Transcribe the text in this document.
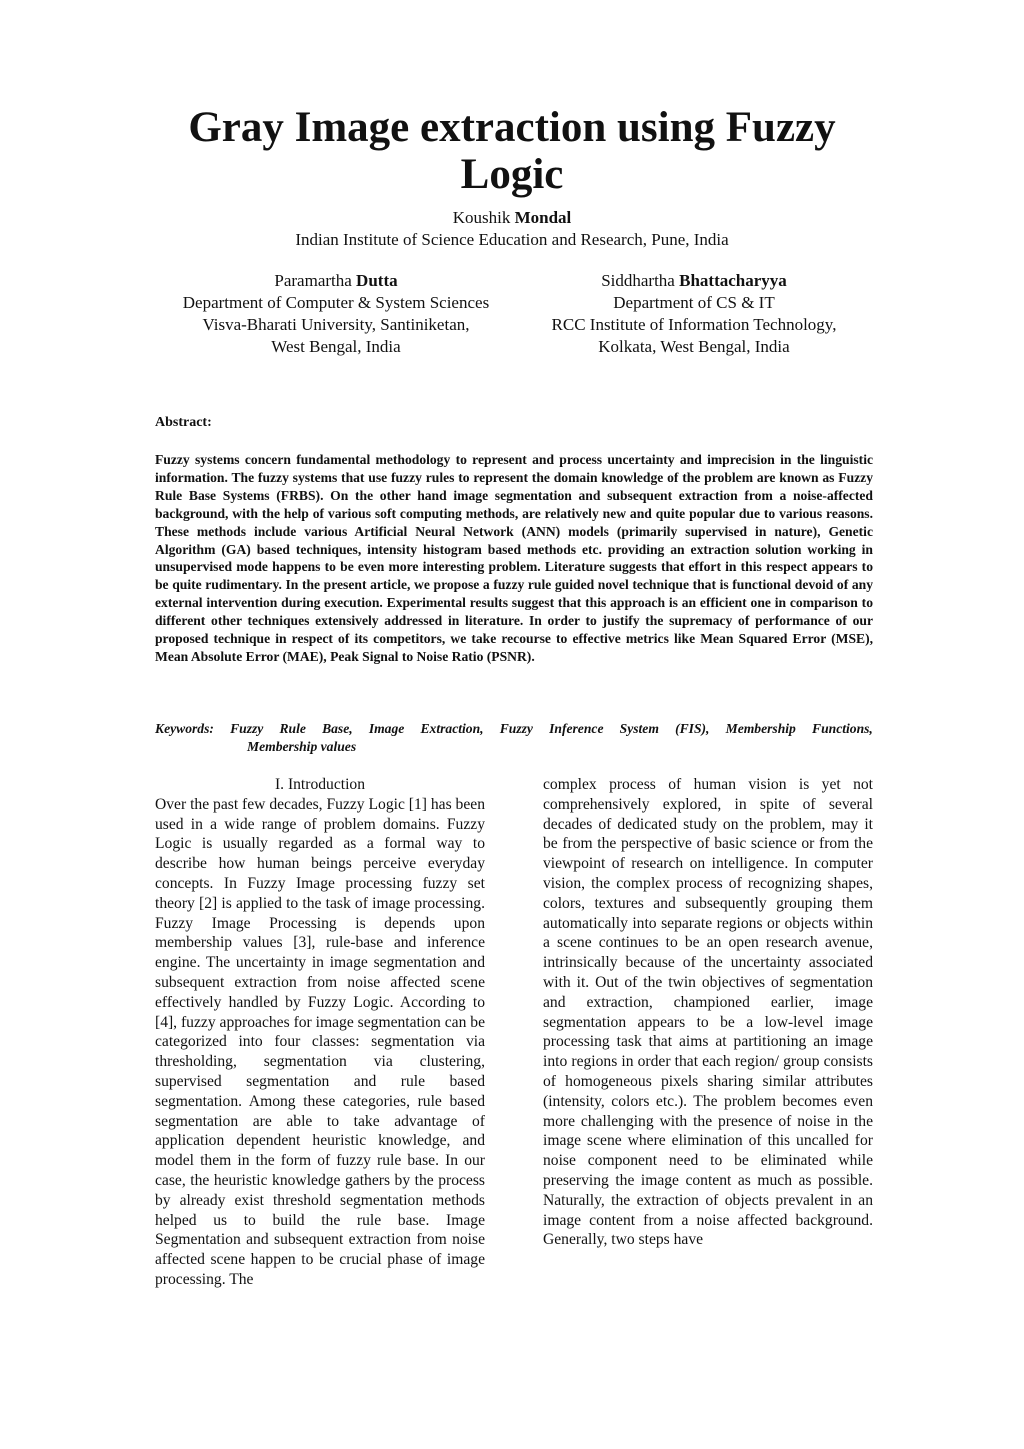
Gray Image extraction using Fuzzy
Logic
Koushik Mondal
Indian Institute of Science Education and Research, Pune, India
Paramartha Dutta
Department of Computer & System Sciences
Visva-Bharati University, Santiniketan,
West Bengal, India
Siddhartha Bhattacharyya
Department of CS & IT
RCC Institute of Information Technology,
Kolkata, West Bengal, India
Abstract:
Fuzzy systems concern fundamental methodology to represent and process uncertainty and imprecision in the linguistic information. The fuzzy systems that use fuzzy rules to represent the domain knowledge of the problem are known as Fuzzy Rule Base Systems (FRBS). On the other hand image segmentation and subsequent extraction from a noise-affected background, with the help of various soft computing methods, are relatively new and quite popular due to various reasons. These methods include various Artificial Neural Network (ANN) models (primarily supervised in nature), Genetic Algorithm (GA) based techniques, intensity histogram based methods etc. providing an extraction solution working in unsupervised mode happens to be even more interesting problem. Literature suggests that effort in this respect appears to be quite rudimentary. In the present article, we propose a fuzzy rule guided novel technique that is functional devoid of any external intervention during execution. Experimental results suggest that this approach is an efficient one in comparison to different other techniques extensively addressed in literature. In order to justify the supremacy of performance of our proposed technique in respect of its competitors, we take recourse to effective metrics like Mean Squared Error (MSE), Mean Absolute Error (MAE), Peak Signal to Noise Ratio (PSNR).
Keywords: Fuzzy Rule Base, Image Extraction, Fuzzy Inference System (FIS), Membership Functions,
Membership values
I. Introduction
Over the past few decades, Fuzzy Logic [1] has been used in a wide range of problem domains. Fuzzy Logic is usually regarded as a formal way to describe how human beings perceive everyday concepts. In Fuzzy Image processing fuzzy set theory [2] is applied to the task of image processing. Fuzzy Image Processing is depends upon membership values [3], rule-base and inference engine. The uncertainty in image segmentation and subsequent extraction from noise affected scene effectively handled by Fuzzy Logic. According to [4], fuzzy approaches for image segmentation can be categorized into four classes: segmentation via thresholding, segmentation via clustering, supervised segmentation and rule based segmentation. Among these categories, rule based segmentation are able to take advantage of application dependent heuristic knowledge, and model them in the form of fuzzy rule base. In our case, the heuristic knowledge gathers by the process by already exist threshold segmentation methods helped us to build the rule base. Image Segmentation and subsequent extraction from noise affected scene happen to be crucial phase of image processing. The
complex process of human vision is yet not comprehensively explored, in spite of several decades of dedicated study on the problem, may it be from the perspective of basic science or from the viewpoint of research on intelligence. In computer vision, the complex process of recognizing shapes, colors, textures and subsequently grouping them automatically into separate regions or objects within a scene continues to be an open research avenue, intrinsically because of the uncertainty associated with it. Out of the twin objectives of segmentation and extraction, championed earlier, image segmentation appears to be a low-level image processing task that aims at partitioning an image into regions in order that each region/ group consists of homogeneous pixels sharing similar attributes (intensity, colors etc.). The problem becomes even more challenging with the presence of noise in the image scene where elimination of this uncalled for noise component need to be eliminated while preserving the image content as much as possible. Naturally, the extraction of objects prevalent in an image content from a noise affected background. Generally, two steps have
